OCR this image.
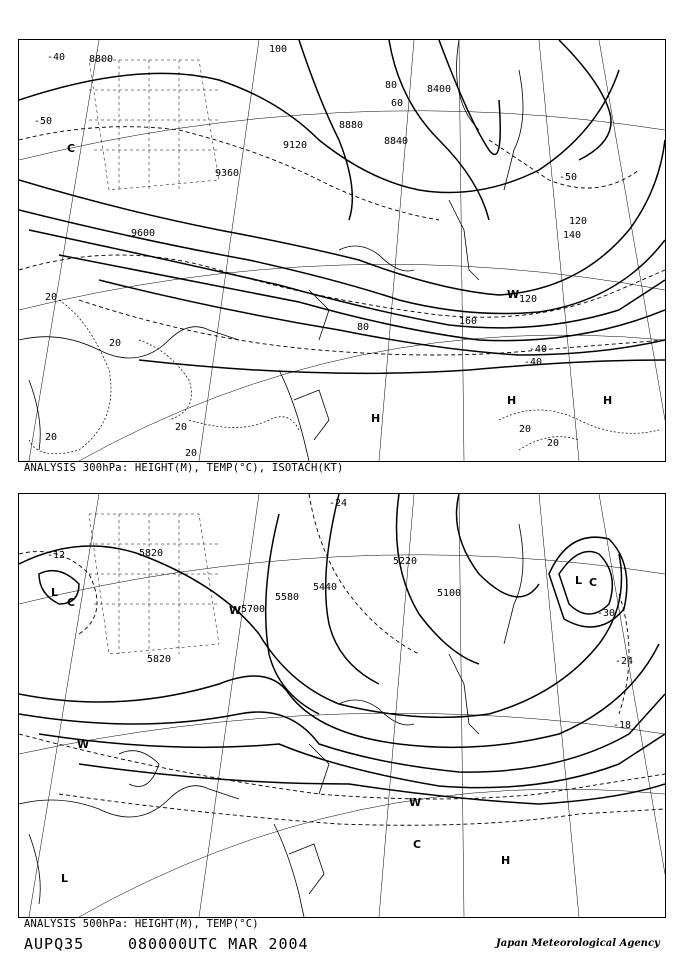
8800
9120
9360
9600
8400
8880
8840
-40
-50
-50
-40
-40
100
80
60
120
140
160
80
20
20
20
20
20
20
20
120
H
H	H
C
W
ANALYSIS 300hPa: HEIGHT(M), TEMP(°C), ISOTACH(KT)
5820
5700
5580
5440
5220
5100
5820
-12
-24
-30
-24
-18
L
C
L C
W
W
C
H
L
W
ANALYSIS 500hPa: HEIGHT(M), TEMP(°C)
AUPQ35	080000UTC MAR 2004	Japan Meteorological Agency
